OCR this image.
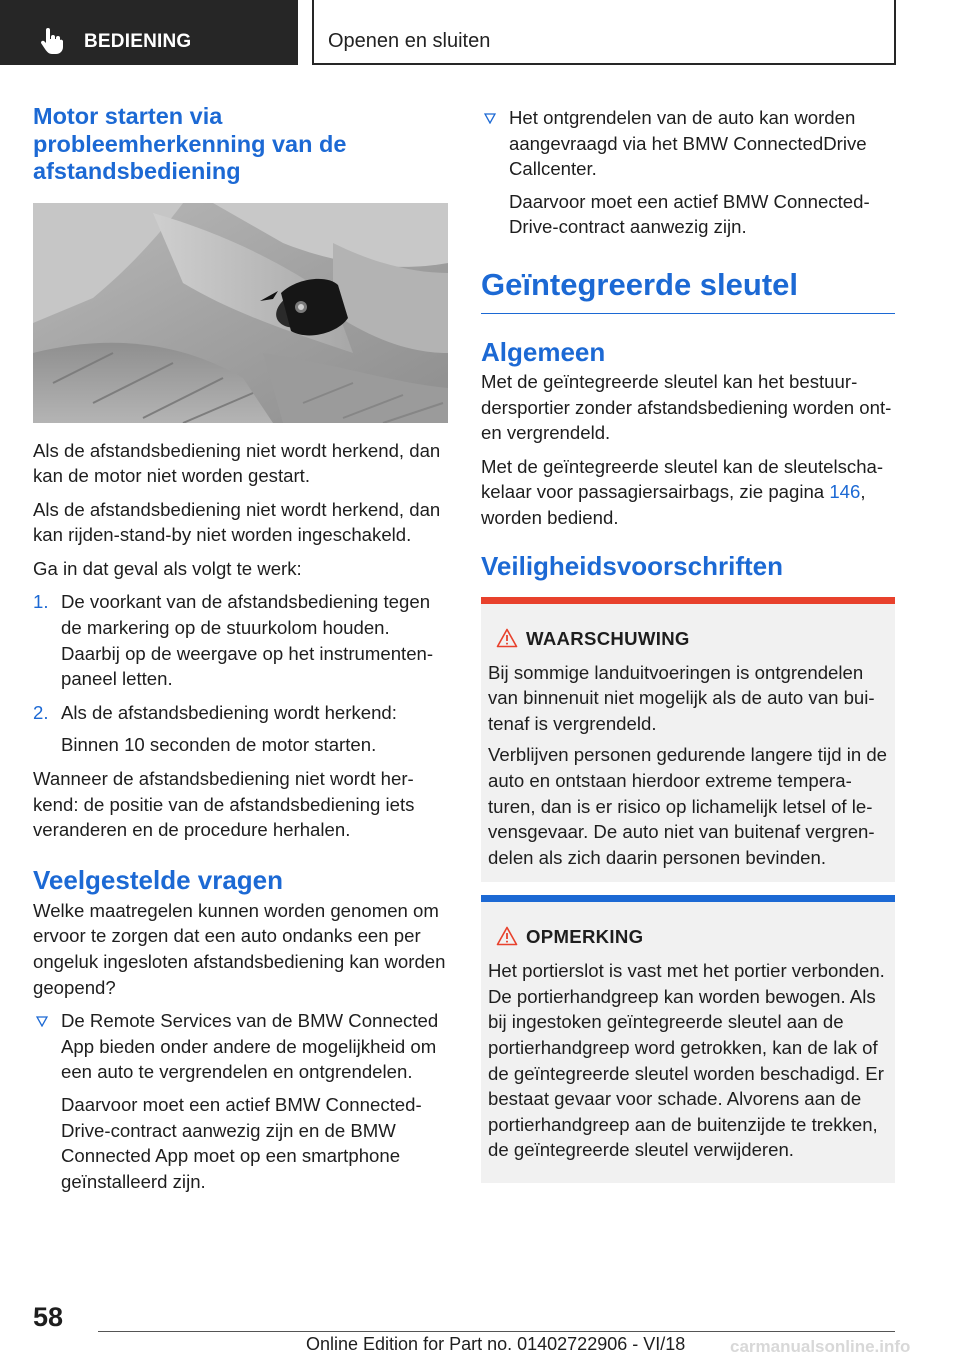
BEDIENING	Openen en sluiten
Motor starten via probleemherkenning van de afstandsbediening
Als de afstandsbediening niet wordt herkend, dan kan de motor niet worden gestart.
Als de afstandsbediening niet wordt herkend, dan kan rijden-stand-by niet worden ingeschakeld.
Ga in dat geval als volgt te werk:
1. De voorkant van de afstandsbediening tegen de markering op de stuurkolom houden. Daarbij op de weergave op het instrumentenpaneel letten.
2. Als de afstandsbediening wordt herkend:
Binnen 10 seconden de motor starten.
Wanneer de afstandsbediening niet wordt herkend: de positie van de afstandsbediening iets veranderen en de procedure herhalen.
Veelgestelde vragen
Welke maatregelen kunnen worden genomen om ervoor te zorgen dat een auto ondanks een per ongeluk ingesloten afstandsbediening kan worden geopend?
De Remote Services van de BMW Connected App bieden onder andere de mogelijkheid om een auto te vergrendelen en ontgrendelen.
Daarvoor moet een actief BMW Connected-Drive-contract aanwezig zijn en de BMW Connected App moet op een smartphone geïnstalleerd zijn.
Het ontgrendelen van de auto kan worden aangevraagd via het BMW ConnectedDrive Callcenter.
Daarvoor moet een actief BMW Connected-Drive-contract aanwezig zijn.
Geïntegreerde sleutel
Algemeen
Met de geïntegreerde sleutel kan het bestuurdersportier zonder afstandsbediening worden ont- en vergrendeld.
Met de geïntegreerde sleutel kan de sleutelschakelaar voor passagiersairbags, zie pagina 146, worden bediend.
Veiligheidsvoorschriften
WAARSCHUWING
Bij sommige landuitvoeringen is ontgrendelen van binnenuit niet mogelijk als de auto van buitenaf is vergrendeld.
Verblijven personen gedurende langere tijd in de auto en ontstaan hierdoor extreme temperaturen, dan is er risico op lichamelijk letsel of levensgevaar. De auto niet van buitenaf vergrendelen als zich daarin personen bevinden.
OPMERKING
Het portierslot is vast met het portier verbonden. De portierhandgreep kan worden bewogen. Als bij ingestoken geïntegreerde sleutel aan de portierhandgreep word getrokken, kan de lak of de geïntegreerde sleutel worden beschadigd. Er bestaat gevaar voor schade. Alvorens aan de portierhandgreep aan de buitenzijde te trekken, de geïntegreerde sleutel verwijderen.
58
Online Edition for Part no. 01402722906 - VI/18	carmanualsonline.info
